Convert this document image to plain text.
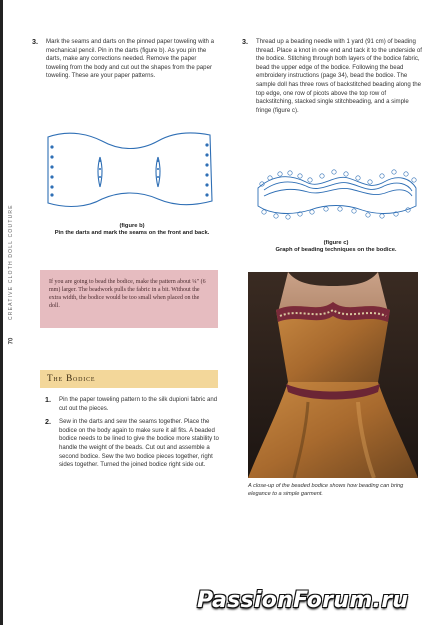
CREATIVE CLOTH DOLL COUTURE
70
3. Mark the seams and darts on the pinned paper toweling with a mechanical pencil. Pin in the darts (figure b). As you pin the darts, make any corrections needed. Remove the paper toweling from the body and cut out the shapes from the paper toweling. These are your paper patterns.
(figure b)
Pin the darts and mark the seams on the front and back.
If you are going to bead the bodice, make the pattern about ¼" (6 mm) larger. The beadwork pulls the fabric in a bit. Without the extra width, the bodice would be too small when placed on the doll.
The Bodice
1. Pin the paper toweling pattern to the silk dupioni fabric and cut out the pieces.
2. Sew in the darts and sew the seams together. Place the bodice on the body again to make sure it all fits. A beaded bodice needs to be lined to give the bodice more stability to handle the weight of the beads. Cut out and assemble a second bodice. Sew the two bodice pieces together, right sides together. Turned the joined bodice right side out.
3. Thread up a beading needle with 1 yard (91 cm) of beading thread. Place a knot in one end and tack it to the underside of the bodice. Stitching through both layers of the bodice fabric, bead the upper edge of the bodice. Following the bead embroidery instructions (page 34), bead the bodice. The sample doll has three rows of backstitched beading along the top edge, one row of picots above the top row of backstitching, stacked single stitchbeading, and a simple fringe (figure c).
(figure c)
Graph of beading techniques on the bodice.
A close-up of the beaded bodice shows how beading can bring elegance to a simple garment.
PassionForum.ru
